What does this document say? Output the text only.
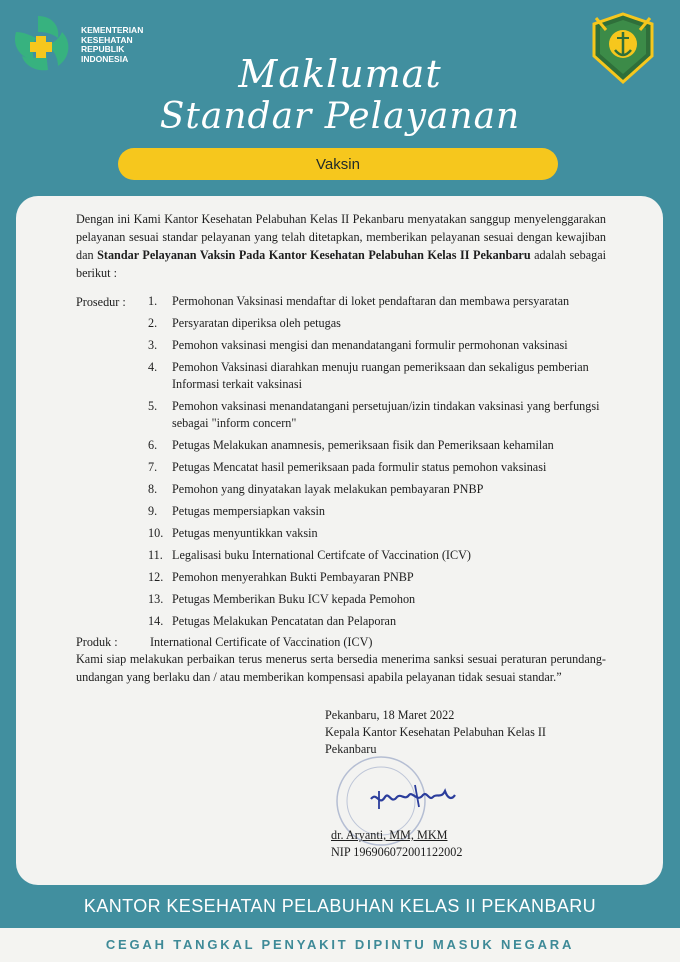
KEMENTERIAN
KESEHATAN
REPUBLIK
INDONESIA	Maklumat
Standar Pelayanan
Vaksin

Dengan ini Kami Kantor Kesehatan Pelabuhan Kelas II Pekanbaru menyatakan sanggup menyelenggarakan pelayanan sesuai standar pelayanan yang telah ditetapkan, memberikan pelayanan sesuai dengan kewajiban dan Standar Pelayanan Vaksin Pada Kantor Kesehatan Pelabuhan Kelas II Pekanbaru adalah sebagai berikut :

Prosedur : 1. Permohonan Vaksinasi mendaftar di loket pendaftaran dan membawa persyaratan
2. Persyaratan diperiksa oleh petugas
3. Pemohon vaksinasi mengisi dan menandatangani formulir permohonan vaksinasi
4. Pemohon Vaksinasi diarahkan menuju ruangan pemeriksaan dan sekaligus pemberian Informasi terkait vaksinasi
5. Pemohon vaksinasi menandatangani persetujuan/izin tindakan vaksinasi yang berfungsi sebagai "inform concern"
6. Petugas Melakukan anamnesis, pemeriksaan fisik dan Pemeriksaan kehamilan
7. Petugas Mencatat hasil pemeriksaan pada formulir status pemohon vaksinasi
8. Pemohon yang dinyatakan layak melakukan pembayaran PNBP
9. Petugas mempersiapkan vaksin
10. Petugas menyuntikkan vaksin
11. Legalisasi buku International Certifcate of Vaccination (ICV)
12. Pemohon menyerahkan Bukti Pembayaran PNBP
13. Petugas Memberikan Buku ICV kepada Pemohon
14. Petugas Melakukan Pencatatan dan Pelaporan
Produk :	International Certificate of Vaccination (ICV)

Kami siap melakukan perbaikan terus menerus serta bersedia menerima sanksi sesuai peraturan perundang-undangan yang berlaku dan / atau memberikan kompensasi apabila pelayanan tidak sesuai standar.”

Pekanbaru, 18 Maret 2022
Kepala Kantor Kesehatan Pelabuhan Kelas II
Pekanbaru
dr. Aryanti, MM, MKM
NIP 196906072001122002
KANTOR KESEHATAN PELABUHAN KELAS II PEKANBARU
CEGAH TANGKAL PENYAKIT DIPINTU MASUK NEGARA
